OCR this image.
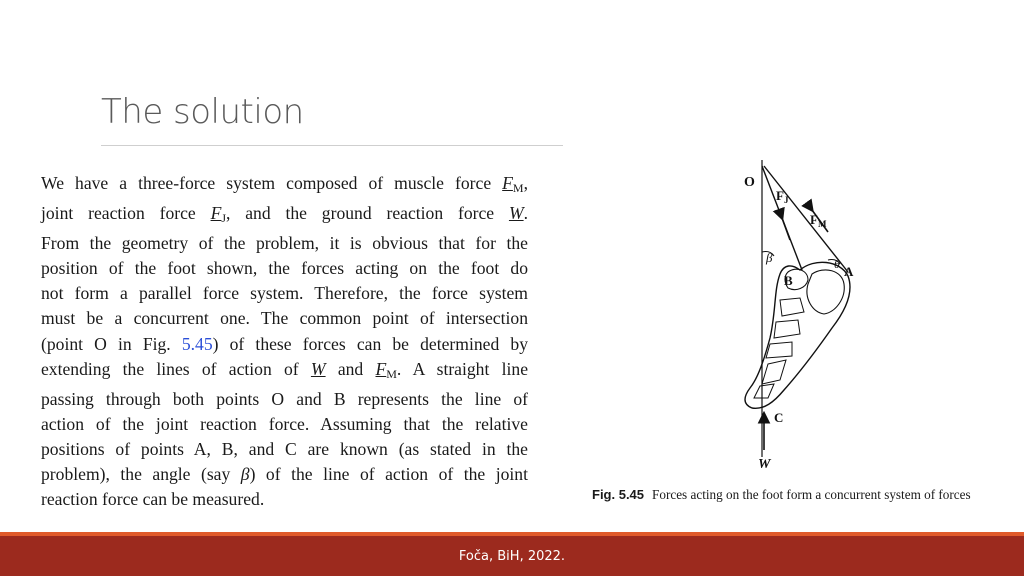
The solution
We have a three-force system composed of muscle force $F_M$,
joint reaction force $F_J$, and the ground reaction force W.
From the geometry of the problem, it is obvious that for the
position of the foot shown, the forces acting on the foot do
not form a parallel force system. Therefore, the force system
must be a concurrent one. The common point of intersection
(point O in Fig. 5.45) of these forces can be determined by
extending the lines of action of W and $F_M$. A straight line
passing through both points O and B represents the line of
action of the joint reaction force. Assuming that the relative
positions of points A, B, and C are known (as stated in the
problem), the angle (say β) of the line of action of the joint
reaction force can be measured.
O
$F_J$
$F_M$
β	θ A
B
C
W
Fig. 5.45 Forces acting on the foot form a concurrent system of forces
Foča, BiH, 2022.
